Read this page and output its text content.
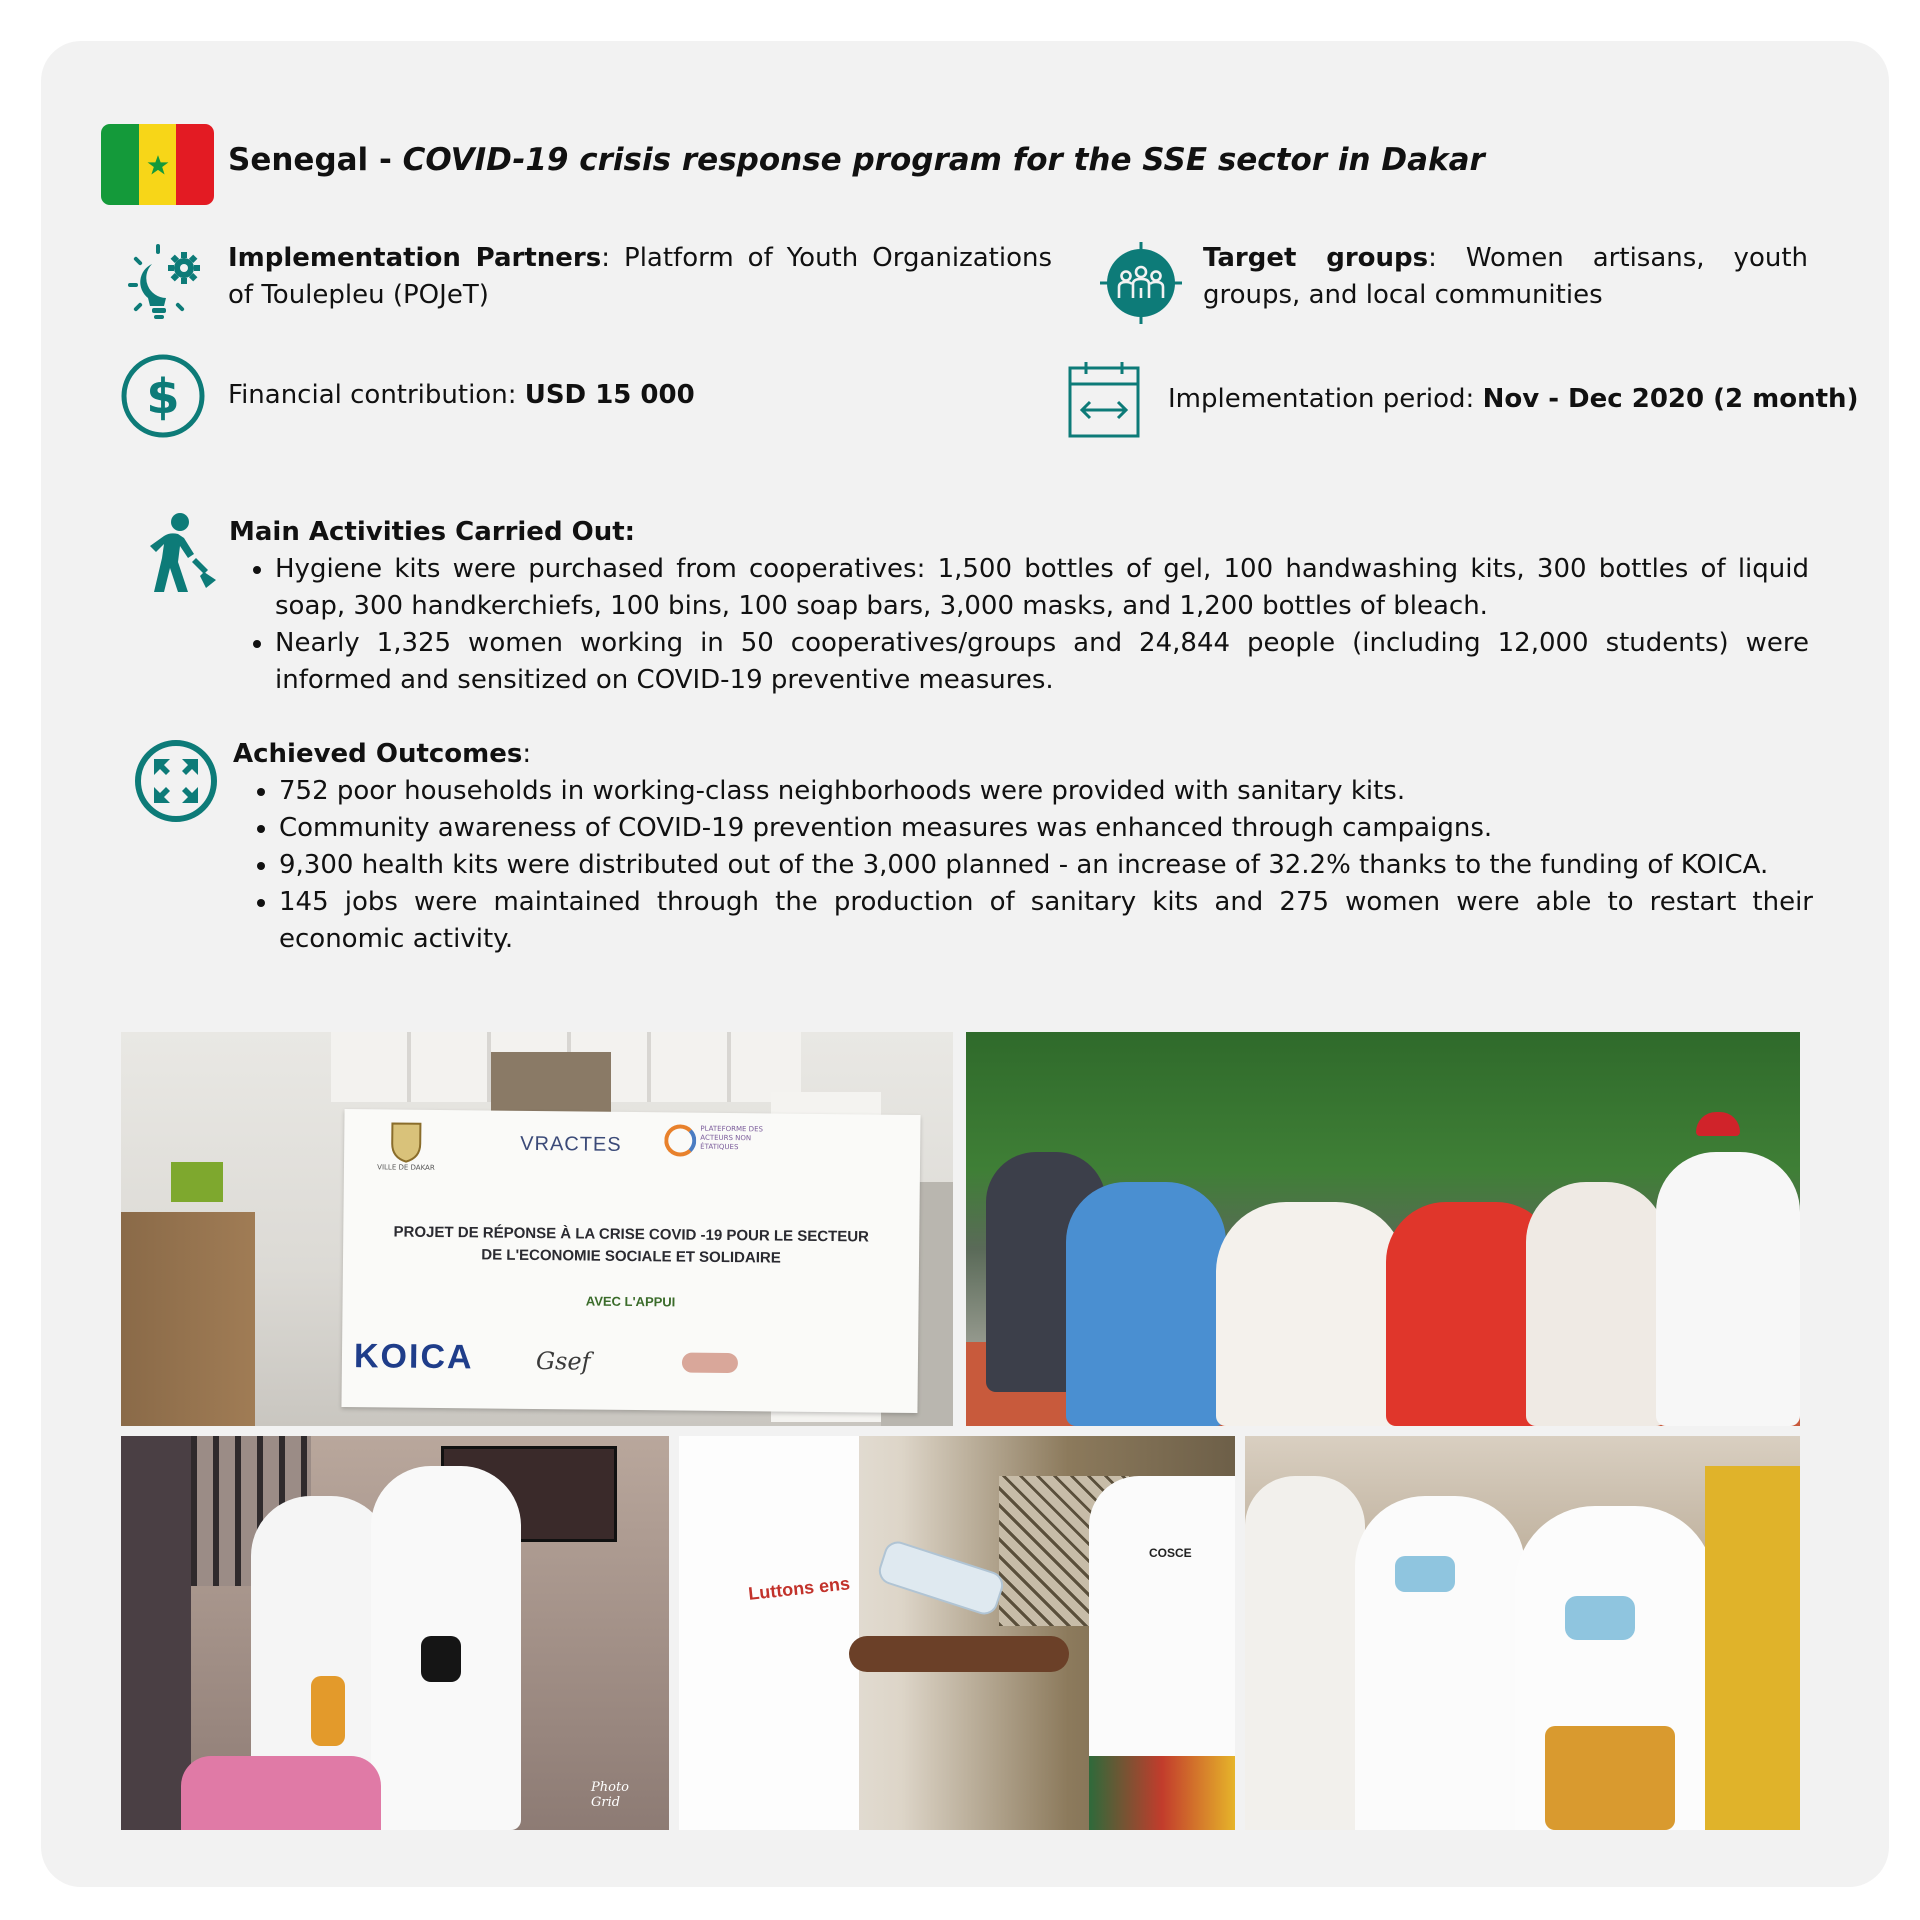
Senegal - COVID-19 crisis response program for the SSE sector in Dakar
Implementation Partners: Platform of Youth Organizations of Toulepleu (POJeT)
Target groups: Women artisans, youth groups, and local communities
$ Financial contribution: USD 15 000	Implementation period: Nov - Dec 2020 (2 month)
Main Activities Carried Out:
• Hygiene kits were purchased from cooperatives: 1,500 bottles of gel, 100 handwashing kits, 300 bottles of liquid soap, 300 handkerchiefs, 100 bins, 100 soap bars, 3,000 masks, and 1,200 bottles of bleach.
• Nearly 1,325 women working in 50 cooperatives/groups and 24,844 people (including 12,000 students) were informed and sensitized on COVID-19 preventive measures.
Achieved Outcomes:
• 752 poor households in working-class neighborhoods were provided with sanitary kits.
• Community awareness of COVID-19 prevention measures was enhanced through campaigns.
• 9,300 health kits were distributed out of the 3,000 planned - an increase of 32.2% thanks to the funding of KOICA.
• 145 jobs were maintained through the production of sanitary kits and 275 women were able to restart their economic activity.
VILLE DE DAKAR
VRACTES
PLATEFORME DES ACTEURS NON ÉTATIQUES
PROJET DE RÉPONSE À LA CRISE COVID -19 POUR LE SECTEUR
DE L'ECONOMIE SOCIALE ET SOLIDAIRE
AVEC L'APPUI
KOICA	Gsef
Photo Grid
Luttons ens
COSCE
